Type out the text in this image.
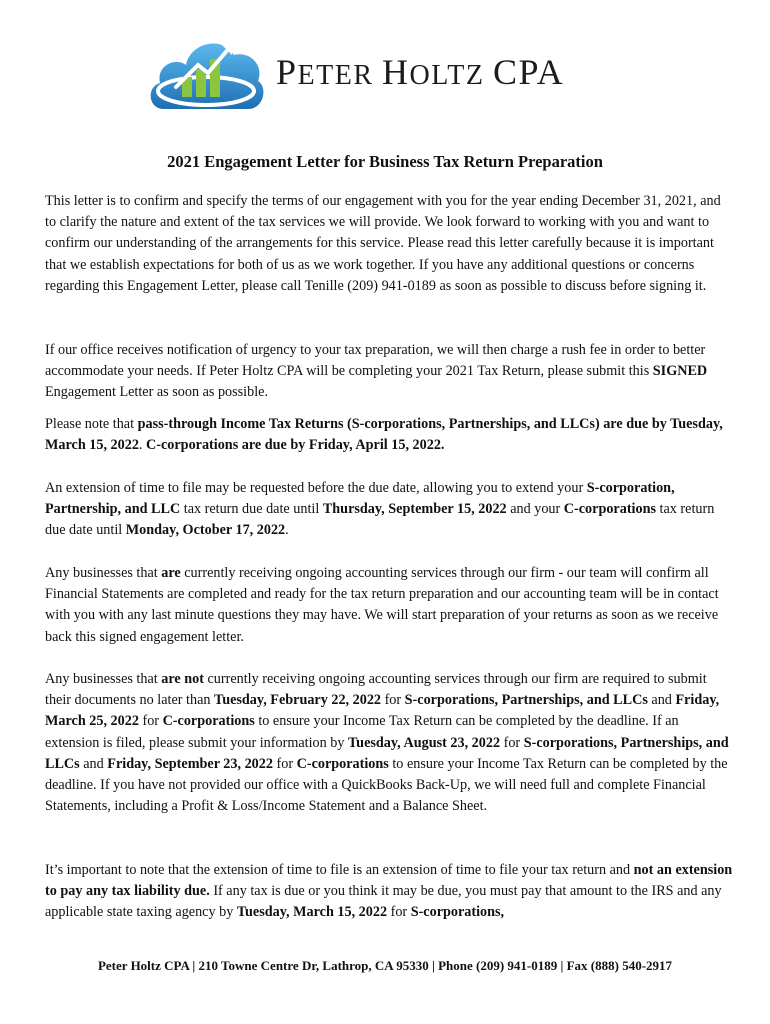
PETER HOLTZ CPA
2021 Engagement Letter for Business Tax Return Preparation

This letter is to confirm and specify the terms of our engagement with you for the year ending December 31, 2021, and to clarify the nature and extent of the tax services we will provide. We look forward to working with you and want to confirm our understanding of the arrangements for this service. Please read this letter carefully because it is important that we establish expectations for both of us as we work together. If you have any additional questions or concerns regarding this Engagement Letter, please call Tenille (209) 941-0189 as soon as possible to discuss before signing it.

If our office receives notification of urgency to your tax preparation, we will then charge a rush fee in order to better accommodate your needs. If Peter Holtz CPA will be completing your 2021 Tax Return, please submit this SIGNED Engagement Letter as soon as possible.

Please note that pass-through Income Tax Returns (S-corporations, Partnerships, and LLCs) are due by Tuesday, March 15, 2022. C-corporations are due by Friday, April 15, 2022.

An extension of time to file may be requested before the due date, allowing you to extend your S-corporation, Partnership, and LLC tax return due date until Thursday, September 15, 2022 and your C-corporations tax return due date until Monday, October 17, 2022.

Any businesses that are currently receiving ongoing accounting services through our firm - our team will confirm all Financial Statements are completed and ready for the tax return preparation and our accounting team will be in contact with you with any last minute questions they may have. We will start preparation of your returns as soon as we receive back this signed engagement letter.

Any businesses that are not currently receiving ongoing accounting services through our firm are required to submit their documents no later than Tuesday, February 22, 2022 for S-corporations, Partnerships, and LLCs and Friday, March 25, 2022 for C-corporations to ensure your Income Tax Return can be completed by the deadline. If an extension is filed, please submit your information by Tuesday, August 23, 2022 for S-corporations, Partnerships, and LLCs and Friday, September 23, 2022 for C-corporations to ensure your Income Tax Return can be completed by the deadline. If you have not provided our office with a QuickBooks Back-Up, we will need full and complete Financial Statements, including a Profit & Loss/Income Statement and a Balance Sheet.

It’s important to note that the extension of time to file is an extension of time to file your tax return and not an extension to pay any tax liability due. If any tax is due or you think it may be due, you must pay that amount to the IRS and any applicable state taxing agency by Tuesday, March 15, 2022 for S-corporations,

Peter Holtz CPA | 210 Towne Centre Dr, Lathrop, CA 95330 | Phone (209) 941-0189 | Fax (888) 540-2917
